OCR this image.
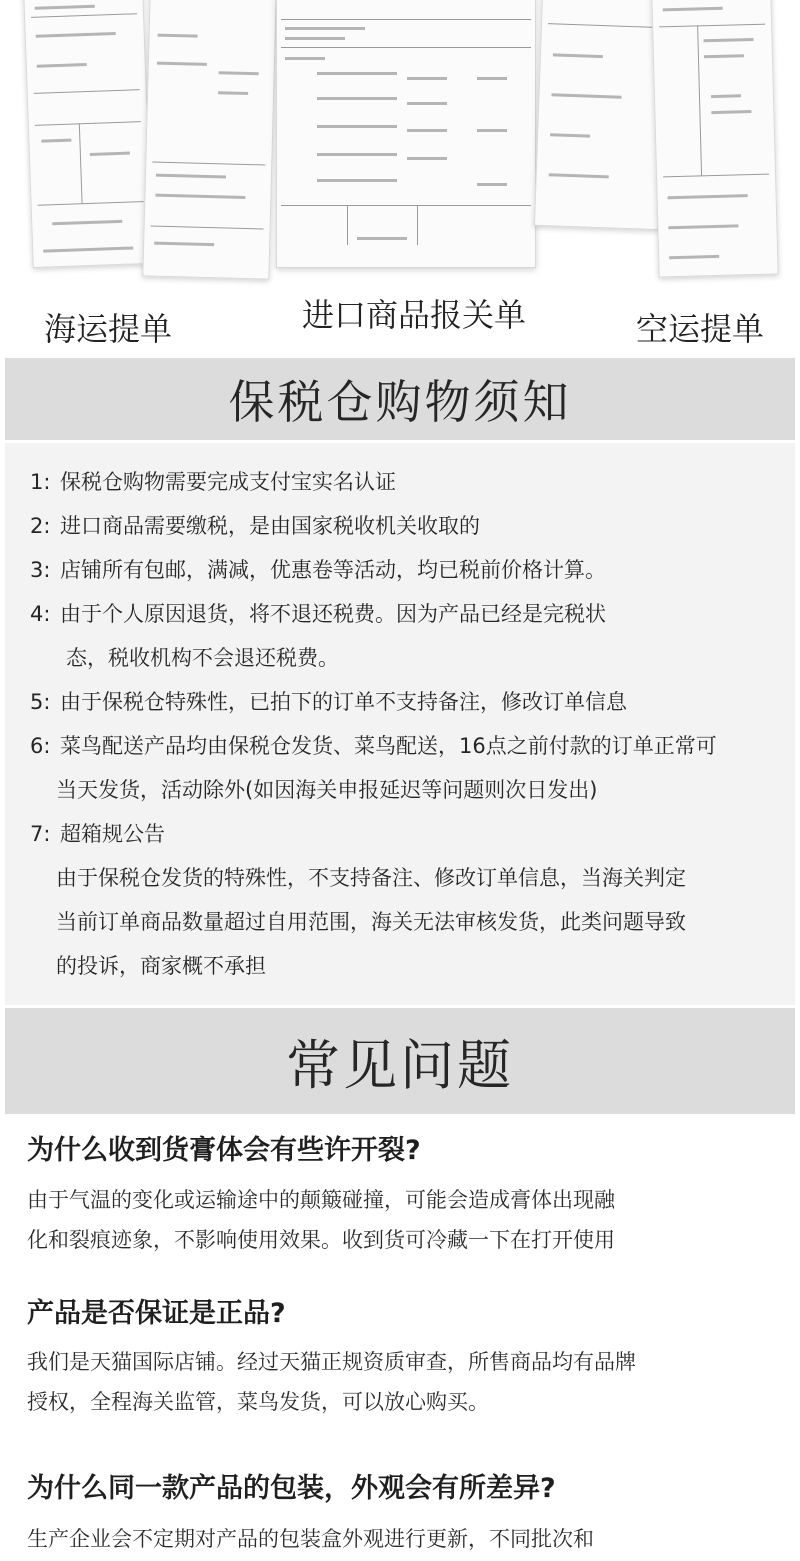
海运提单	进口商品报关单	空运提单
保税仓购物须知
1: 保税仓购物需要完成支付宝实名认证
2: 进口商品需要缴税，是由国家税收机关收取的
3: 店铺所有包邮，满减，优惠卷等活动，均已税前价格计算。
4: 由于个人原因退货，将不退还税费。因为产品已经是完税状
态，税收机构不会退还税费。
5: 由于保税仓特殊性，已拍下的订单不支持备注，修改订单信息
6: 菜鸟配送产品均由保税仓发货、菜鸟配送，16点之前付款的订单正常可
当天发货，活动除外(如因海关申报延迟等问题则次日发出)
7: 超箱规公告
由于保税仓发货的特殊性，不支持备注、修改订单信息，当海关判定
当前订单商品数量超过自用范围，海关无法审核发货，此类问题导致
的投诉，商家概不承担
常见问题
为什么收到货膏体会有些许开裂?
由于气温的变化或运输途中的颠簸碰撞，可能会造成膏体出现融
化和裂痕迹象，不影响使用效果。收到货可冷藏一下在打开使用
产品是否保证是正品?
我们是天猫国际店铺。经过天猫正规资质审查，所售商品均有品牌
授权，全程海关监管，菜鸟发货，可以放心购买。
为什么同一款产品的包装，外观会有所差异?
生产企业会不定期对产品的包装盒外观进行更新，不同批次和
